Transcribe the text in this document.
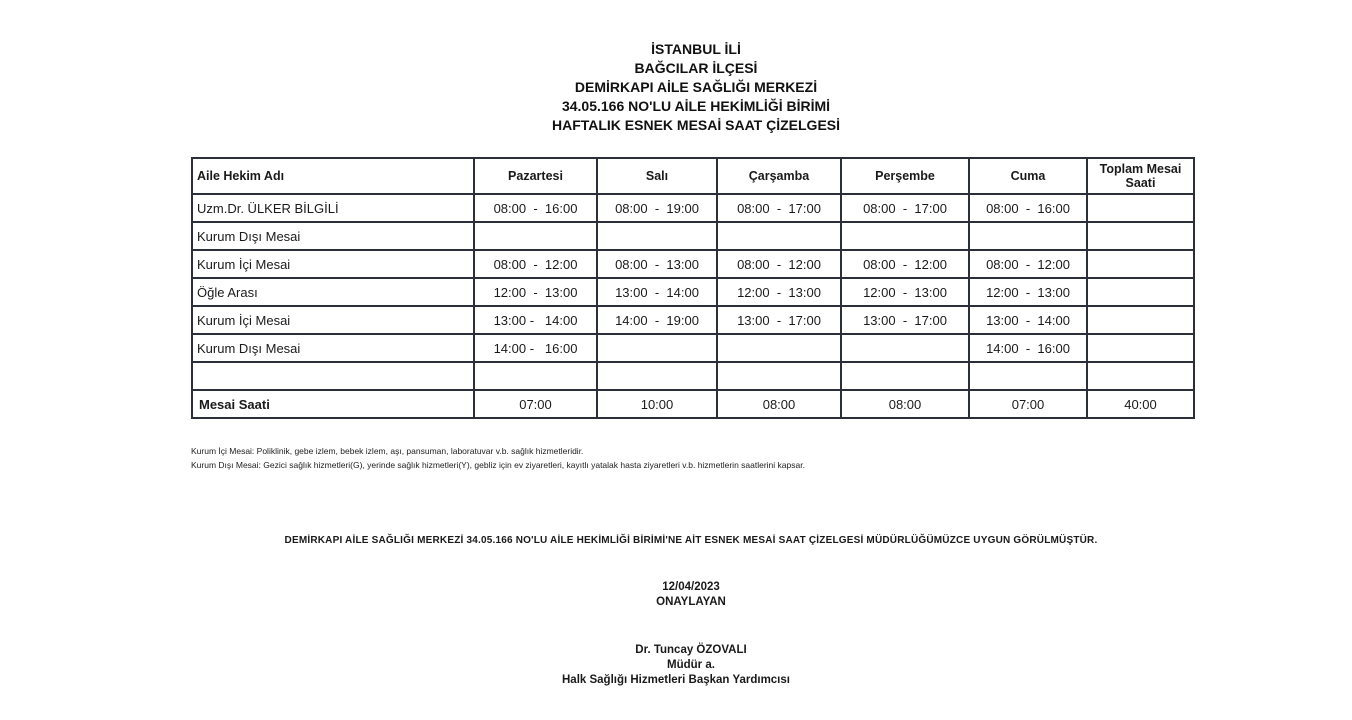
İSTANBUL İLİ
BAĞCILAR İLÇESİ
DEMİRKAPI AİLE SAĞLIĞI MERKEZİ
34.05.166 NO'LU AİLE HEKİMLİĞİ BİRİMİ
HAFTALIK ESNEK MESAİ SAAT ÇİZELGESİ
Aile Hekim Adı	Pazartesi	Salı	Çarşamba	Perşembe	Cuma	Toplam Mesai Saati
Uzm.Dr. ÜLKER BİLGİLİ	08:00  -  16:00	08:00  -  19:00	08:00  -  17:00	08:00  -  17:00	08:00  -  16:00	
Kurum Dışı Mesai						
Kurum İçi Mesai	08:00  -  12:00	08:00  -  13:00	08:00  -  12:00	08:00  -  12:00	08:00  -  12:00	
Öğle Arası	12:00  -  13:00	13:00  -  14:00	12:00  -  13:00	12:00  -  13:00	12:00  -  13:00	
Kurum İçi Mesai	13:00 -   14:00	14:00  -  19:00	13:00  -  17:00	13:00  -  17:00	13:00  -  14:00	
Kurum Dışı Mesai	14:00 -   16:00				14:00  -  16:00	

Mesai Saati	07:00	10:00	08:00	08:00	07:00	40:00
Kurum İçi Mesai: Poliklinik, gebe izlem, bebek izlem, aşı, pansuman, laboratuvar v.b. sağlık hizmetleridir.
Kurum Dışı Mesai: Gezici sağlık hizmetleri(G), yerinde sağlık hizmetleri(Y), gebliz için ev ziyaretleri, kayıtlı yatalak hasta ziyaretleri v.b. hizmetlerin saatlerini kapsar.
DEMİRKAPI AİLE SAĞLIĞI MERKEZİ 34.05.166 NO'LU AİLE HEKİMLİĞİ BİRİMİ'NE AİT ESNEK MESAİ SAAT ÇİZELGESİ MÜDÜRLÜĞÜMÜZCE UYGUN GÖRÜLMÜŞTÜR.
12/04/2023
ONAYLAYAN
Dr. Tuncay ÖZOVALI
Müdür a.
Halk Sağlığı Hizmetleri Başkan Yardımcısı
